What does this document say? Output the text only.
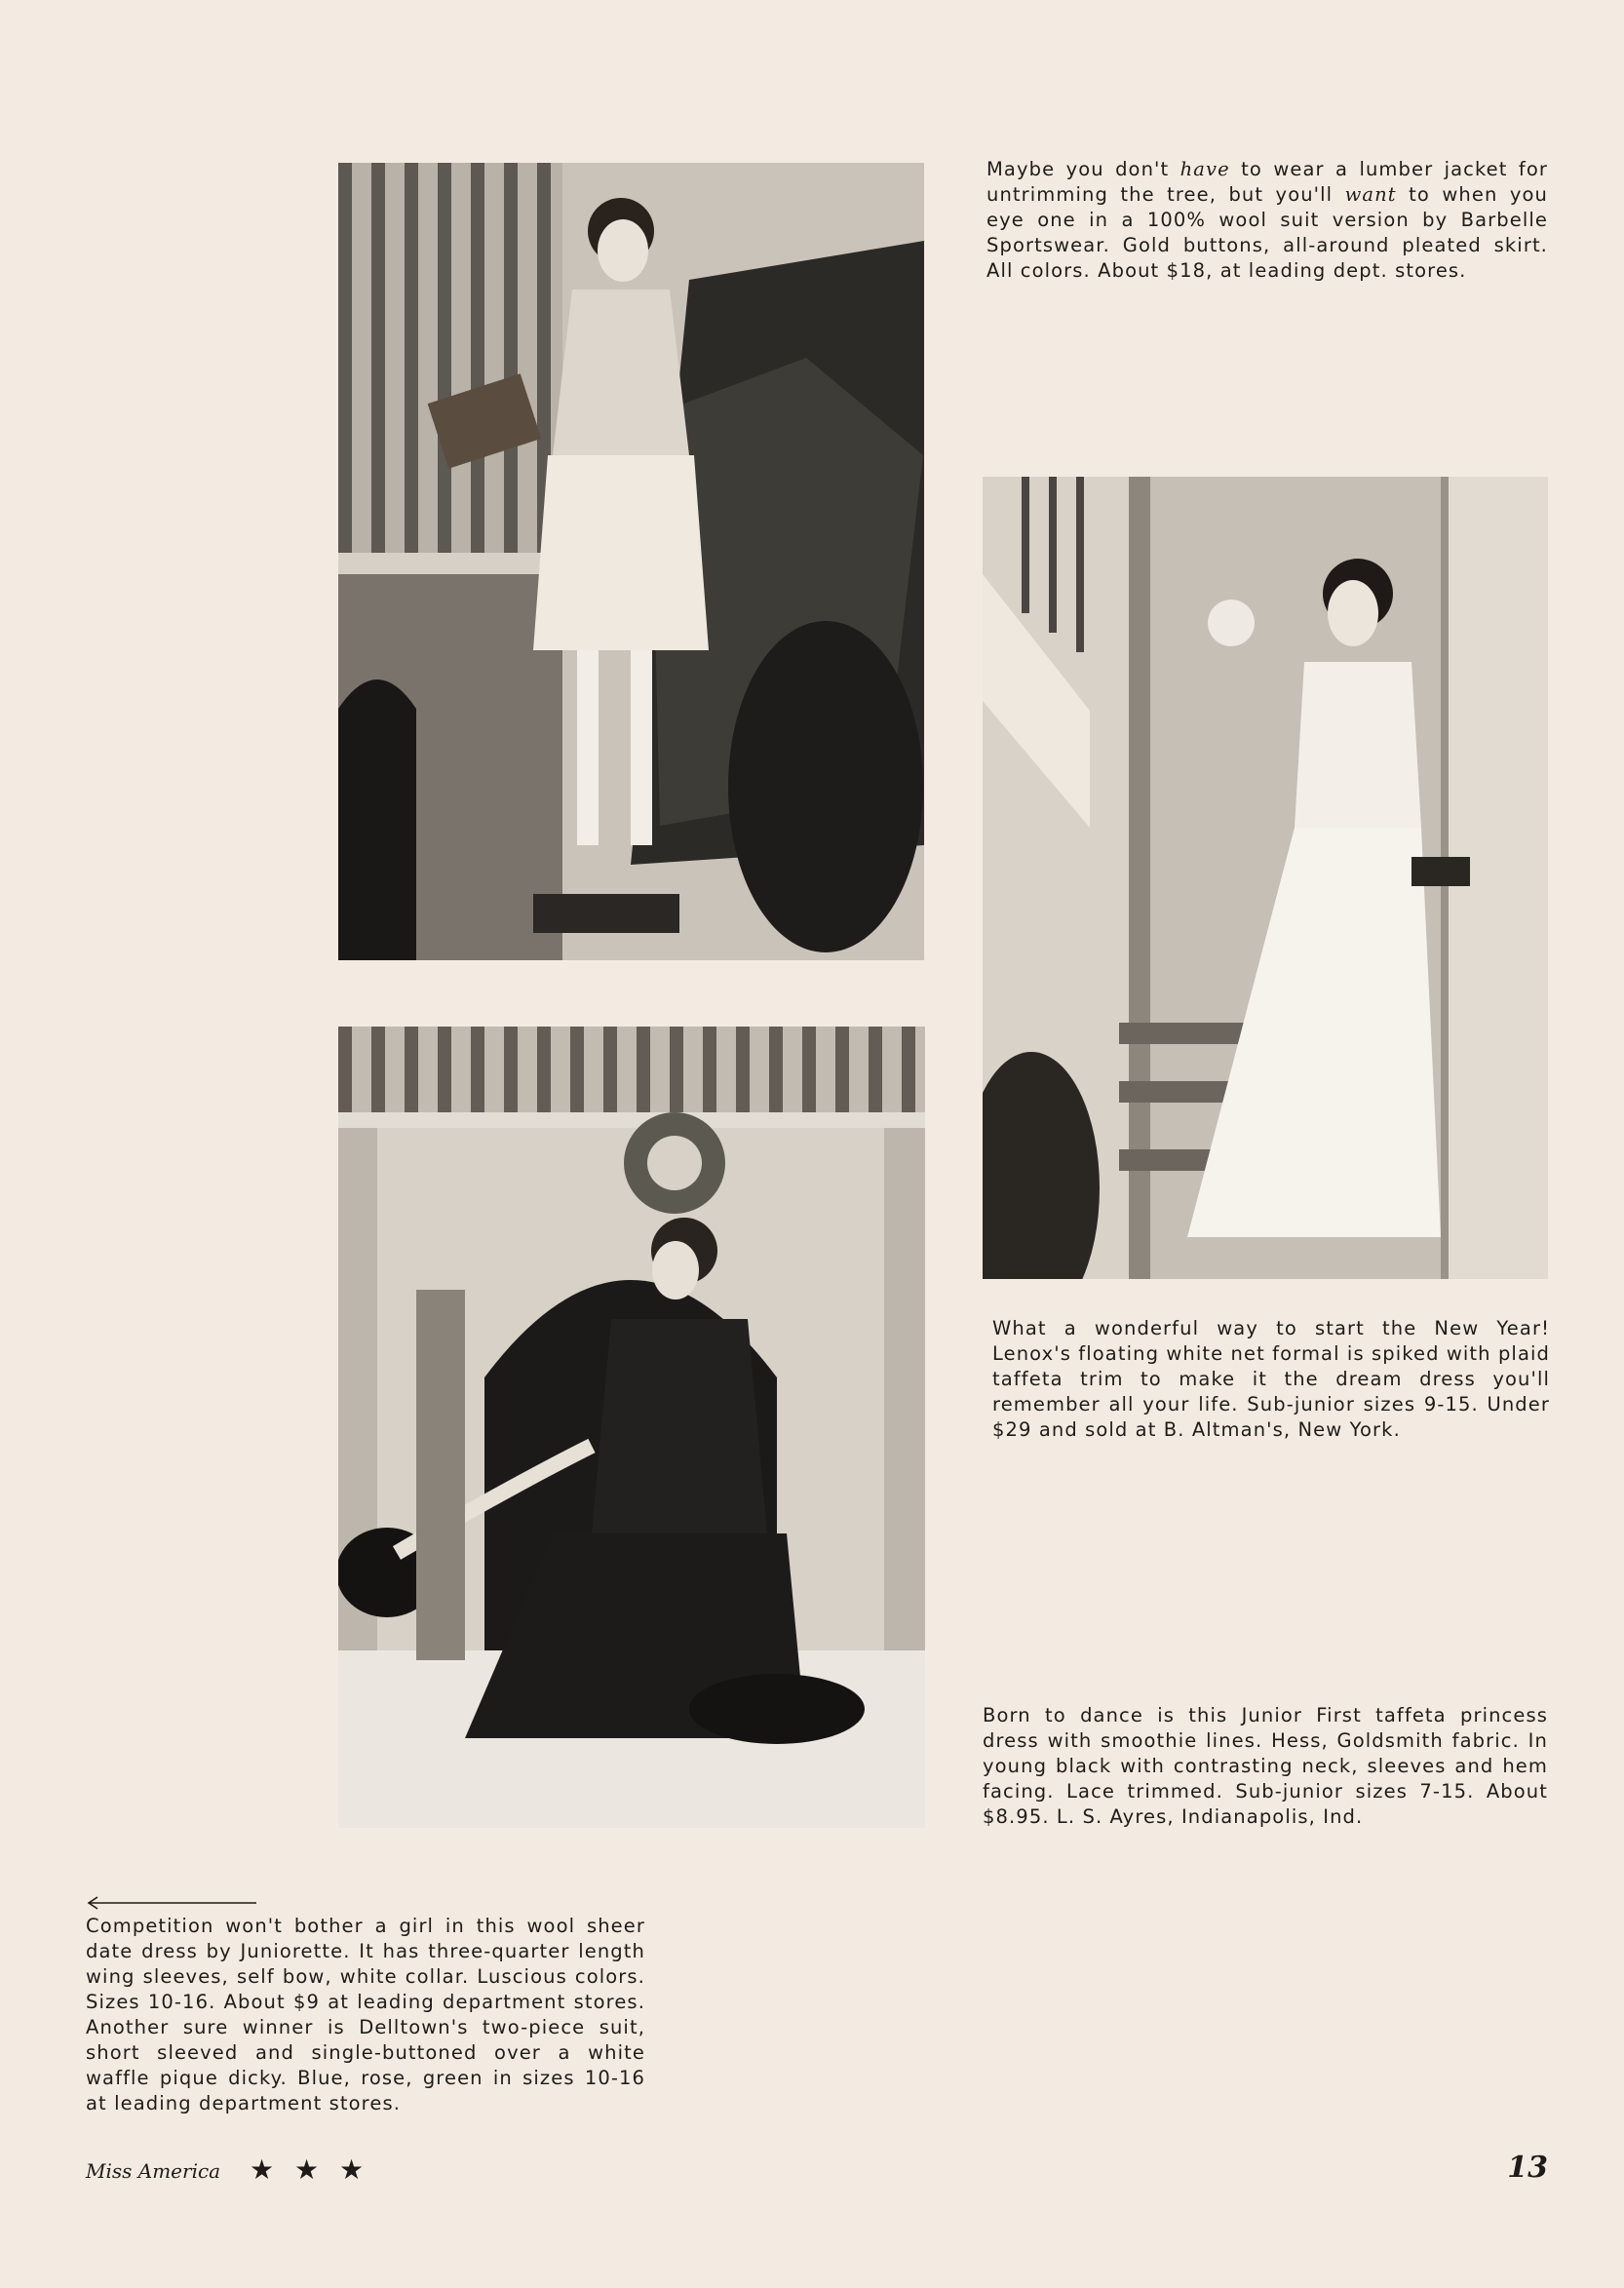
Maybe you don't have to wear a lumber jacket for untrimming the tree, but you'll want to when you eye one in a 100% wool suit version by Barbelle Sportswear. Gold buttons, all-around pleated skirt. All colors. About $18, at leading dept. stores.
What a wonderful way to start the New Year! Lenox's floating white net formal is spiked with plaid taffeta trim to make it the dream dress you'll remember all your life. Sub-junior sizes 9-15. Under $29 and sold at B. Altman's, New York.
Born to dance is this Junior First taffeta princess dress with smoothie lines. Hess, Goldsmith fabric. In young black with contrasting neck, sleeves and hem facing. Lace trimmed. Sub-junior sizes 7-15. About $8.95. L. S. Ayres, Indianapolis, Ind.
Competition won't bother a girl in this wool sheer date dress by Juniorette. It has three-quarter length wing sleeves, self bow, white collar. Luscious colors. Sizes 10-16. About $9 at leading department stores. Another sure winner is Delltown's two-piece suit, short sleeved and single-buttoned over a white waffle pique dicky. Blue, rose, green in sizes 10-16 at leading department stores.
Miss America ★ ★ ★	13
